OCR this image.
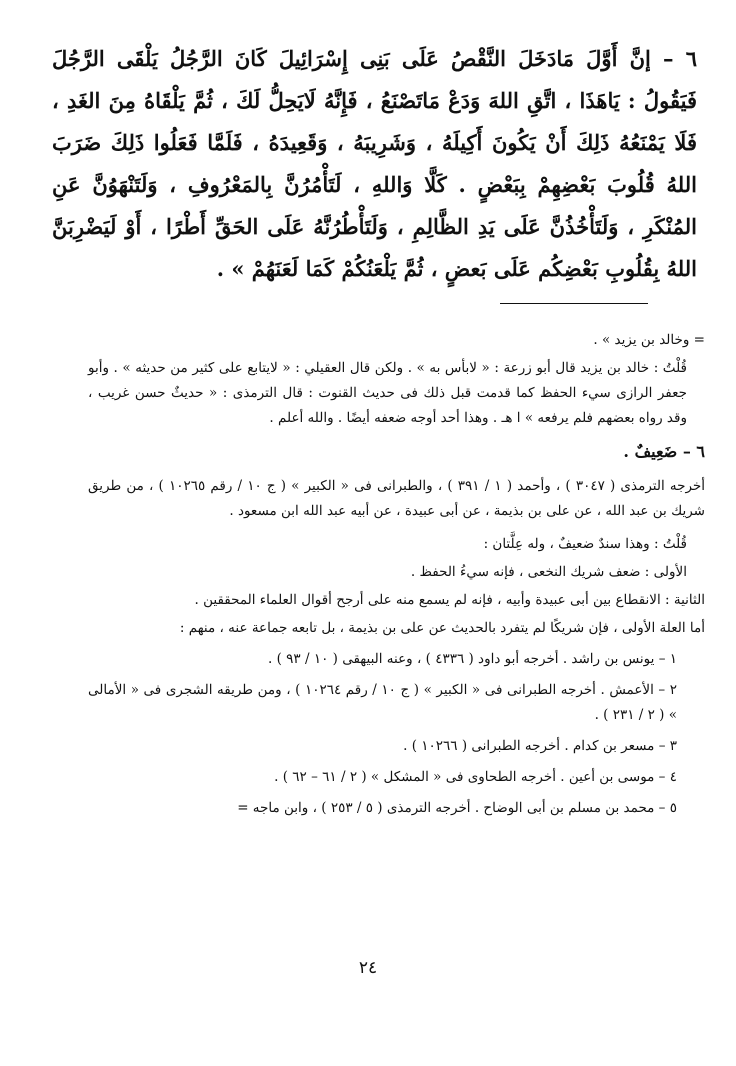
٦ – إنَّ أَوَّلَ مَادَخَلَ النَّقْصُ عَلَى بَنِى إِسْرَائِيلَ كَانَ الرَّجُلُ يَلْقَى الرَّجُلَ فَيَقُولُ : يَاهَذَا ، اتَّقِ اللهَ وَدَعْ مَاتَصْنَعُ ، فَإِنَّهُ لَايَحِلُّ لَكَ ، ثُمَّ يَلْقَاهُ مِنَ الغَدِ ، فَلَا يَمْنَعُهُ ذَلِكَ أَنْ يَكُونَ أَكِيلَهُ ، وَشَرِيبَهُ ، وَقَعِيدَهُ ، فَلَمَّا فَعَلُوا ذَلِكَ ضَرَبَ اللهُ قُلُوبَ بَعْضِهِمْ بِبَعْضٍ . كَلَّا وَاللهِ ، لَتَأْمُرُنَّ بِالمَعْرُوفِ ، وَلَتَنْهَوُنَّ عَنِ المُنْكَرِ ، وَلَتَأْخُذُنَّ عَلَى يَدِ الظَّالِمِ ، وَلَتَأْطُرُنَّهُ عَلَى الحَقِّ أَطْرًا ، أَوْ لَيَضْرِبَنَّ اللهُ بِقُلُوبِ بَعْضِكُم عَلَى بَعضٍ ، ثُمَّ يَلْعَنُكُمْ كَمَا لَعَنَهُمْ » .

= وخالد بن يزيد » .

قُلْتُ : خالد بن يزيد قال أبو زرعة : « لابأس به » . ولكن قال العقيلي : « لايتابع على كثير من حديثه » . وأبو جعفر الرازى سيء الحفظ كما قدمت قبل ذلك فى حديث القنوت : قال الترمذى : « حديثٌ حسن غريب ، وقد رواه بعضهم فلم يرفعه » ا هـ . وهذا أحد أوجه ضعفه أيضًا . والله أعلم .

٦ – ضَعِيفٌ .

أخرجه الترمذى ( ٣٠٤٧ ) ، وأحمد ( ١ / ٣٩١ ) ، والطبرانى فى « الكبير » ( ج ١٠ / رقم ١٠٢٦٥ ) ، من طريق شريك بن عبد الله ، عن على بن بذيمة ، عن أبى عبيدة ، عن أبيه عبد الله ابن مسعود .

قُلْتُ : وهذا سندٌ ضعيفٌ ، وله عِلَّتان :

الأولى : ضعف شريك النخعى ، فإنه سيءُ الحفظ .

الثانية : الانقطاع بين أبى عبيدة وأبيه ، فإنه لم يسمع منه على أرجح أقوال العلماء المحققين .

أما العلة الأولى ، فإن شريكًا لم يتفرد بالحديث عن على بن بذيمة ، بل تابعه جماعة عنه ، منهم :

١ – يونس بن راشد . أخرجه أبو داود ( ٤٣٣٦ ) ، وعنه البيهقى ( ١٠ / ٩٣ ) .

٢ – الأعمش . أخرجه الطبرانى فى « الكبير » ( ج ١٠ / رقم ١٠٢٦٤ ) ، ومن طريقه الشجرى فى « الأمالى » ( ٢ / ٢٣١ ) .

٣ – مسعر بن كدام . أخرجه الطبرانى ( ١٠٢٦٦ ) .

٤ – موسى بن أعين . أخرجه الطحاوى فى « المشكل » ( ٢ / ٦١ – ٦٢ ) .

٥ – محمد بن مسلم بن أبى الوضاح . أخرجه الترمذى ( ٥ / ٢٥٣ ) ، وابن ماجه =

٢٤
